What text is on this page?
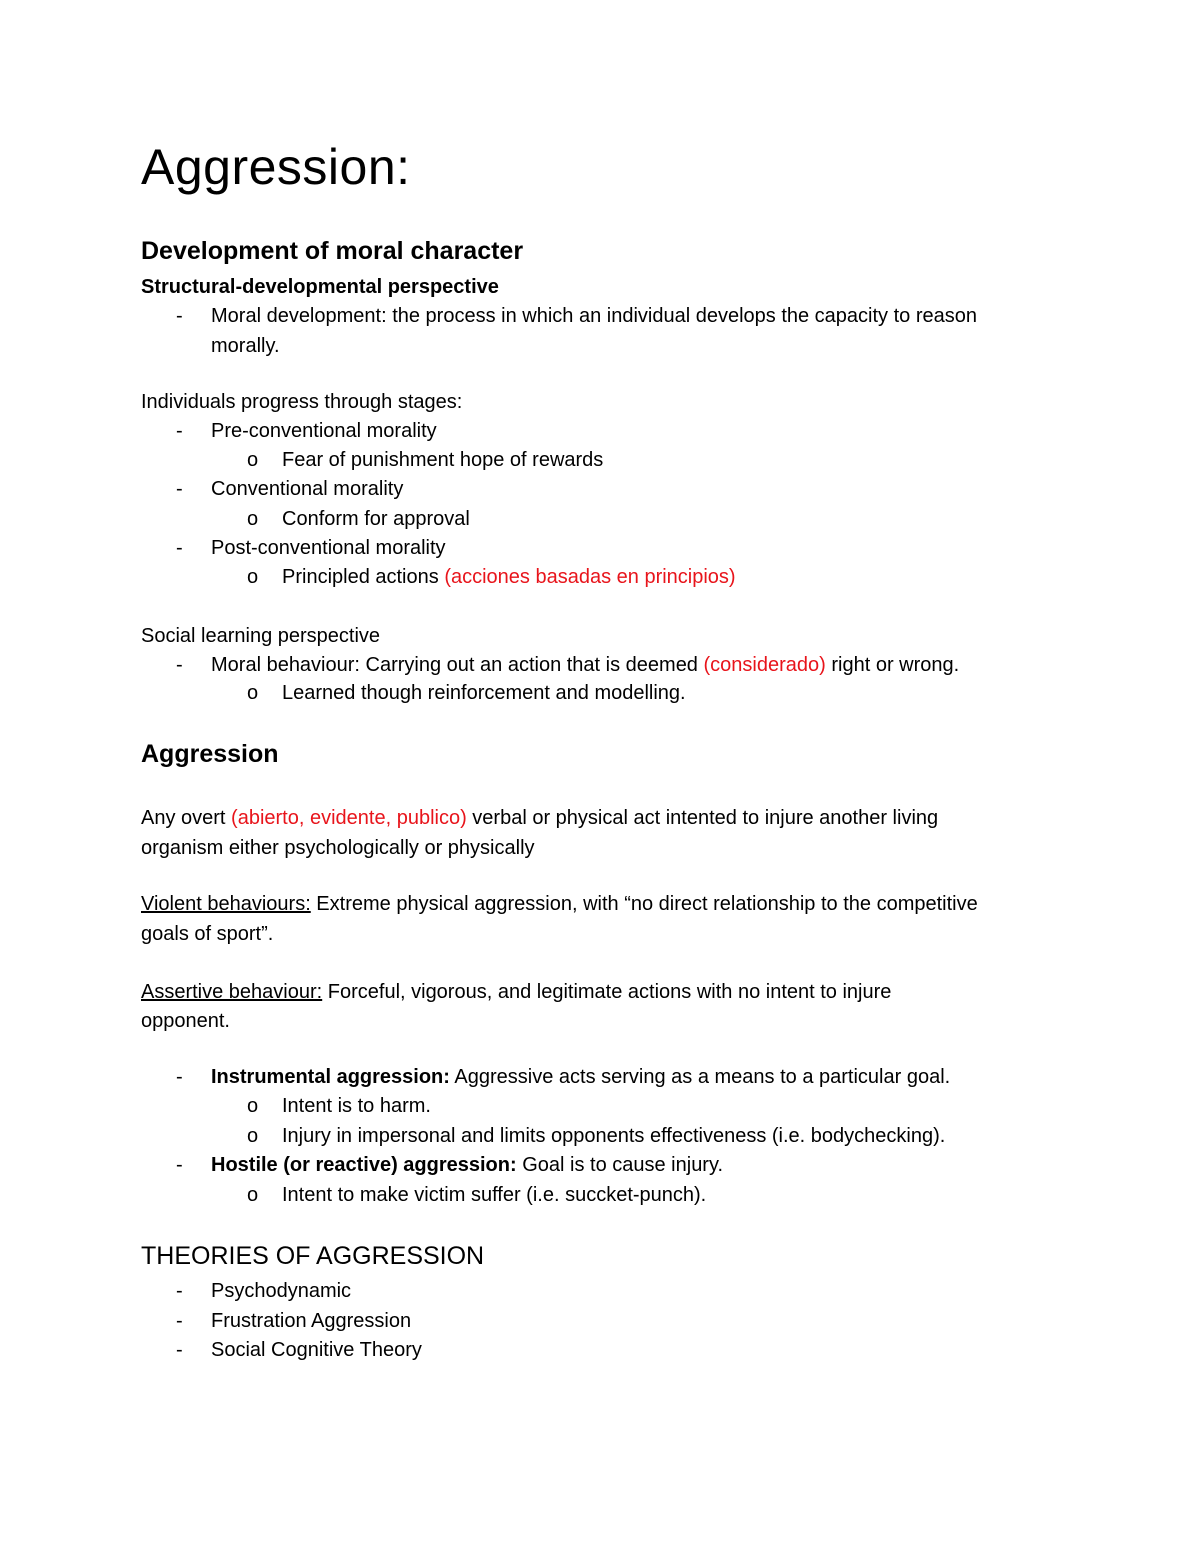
Aggression:
Development of moral character

Structural-developmental perspective

- Moral development: the process in which an individual develops the capacity to reason

morally.

Individuals progress through stages:

- Pre-conventional morality

o Fear of punishment hope of rewards

- Conventional morality

o Conform for approval

- Post-conventional morality

o Principled actions (acciones basadas en principios)

Social learning perspective

- Moral behaviour: Carrying out an action that is deemed (considerado) right or wrong.

o Learned though reinforcement and modelling.

Aggression

Any overt (abierto, evidente, publico) verbal or physical act intented to injure another living

organism either psychologically or physically

Violent behaviours: Extreme physical aggression, with “no direct relationship to the competitive

goals of sport”.

Assertive behaviour: Forceful, vigorous, and legitimate actions with no intent to injure

opponent.

- Instrumental aggression: Aggressive acts serving as a means to a particular goal.

o Intent is to harm.

o Injury in impersonal and limits opponents effectiveness (i.e. bodychecking).

- Hostile (or reactive) aggression: Goal is to cause injury.

o Intent to make victim suffer (i.e. succket-punch).

THEORIES OF AGGRESSION
- Psychodynamic

- Frustration Aggression

- Social Cognitive Theory
